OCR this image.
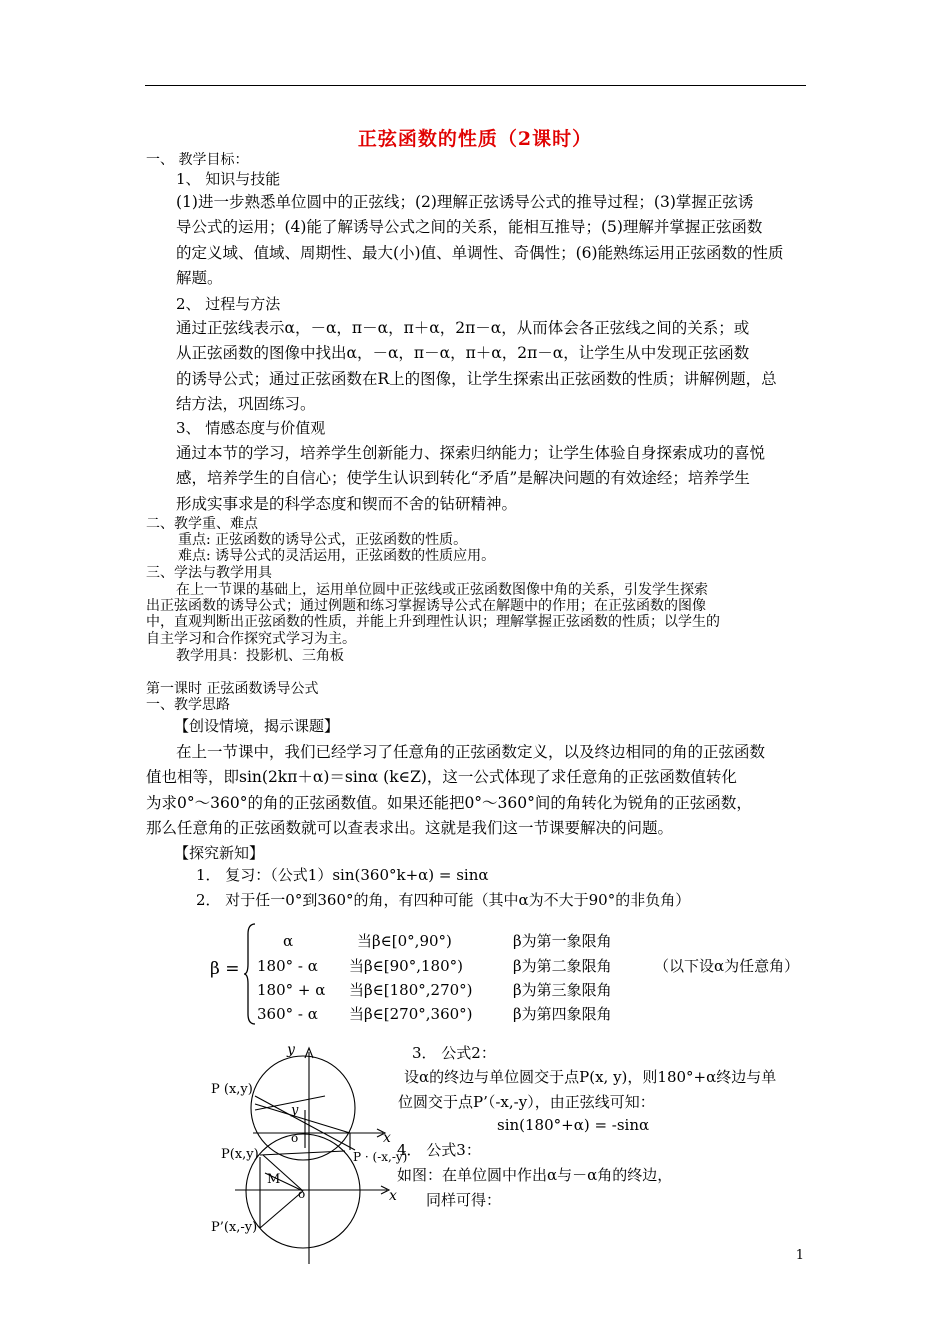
正弦函数的性质（2课时）
一、 教学目标：
1、 知识与技能
(1)进一步熟悉单位圆中的正弦线；(2)理解正弦诱导公式的推导过程；(3)掌握正弦诱
导公式的运用；(4)能了解诱导公式之间的关系，能相互推导；(5)理解并掌握正弦函数
的定义域、值域、周期性、最大(小)值、单调性、奇偶性；(6)能熟练运用正弦函数的性质
解题。
2、 过程与方法
通过正弦线表示α，－α，π－α，π＋α，2π－α，从而体会各正弦线之间的关系；或
从正弦函数的图像中找出α，－α，π－α，π＋α，2π－α，让学生从中发现正弦函数
的诱导公式；通过正弦函数在R上的图像，让学生探索出正弦函数的性质；讲解例题，总
结方法，巩固练习。
3、 情感态度与价值观
通过本节的学习，培养学生创新能力、探索归纳能力；让学生体验自身探索成功的喜悦
感，培养学生的自信心；使学生认识到转化“矛盾”是解决问题的有效途经；培养学生
形成实事求是的科学态度和锲而不舍的钻研精神。
二、教学重、难点
重点: 正弦函数的诱导公式，正弦函数的性质。
难点: 诱导公式的灵活运用，正弦函数的性质应用。
三、学法与教学用具
在上一节课的基础上，运用单位圆中正弦线或正弦函数图像中角的关系，引发学生探索
出正弦函数的诱导公式；通过例题和练习掌握诱导公式在解题中的作用；在正弦函数的图像
中，直观判断出正弦函数的性质，并能上升到理性认识；理解掌握正弦函数的性质；以学生的
自主学习和合作探究式学习为主。
教学用具：投影机、三角板
第一课时 正弦函数诱导公式
一、教学思路
【创设情境，揭示课题】
在上一节课中，我们已经学习了任意角的正弦函数定义，以及终边相同的角的正弦函数
值也相等，即sin(2kπ＋α)＝sinα (k∈Z)，这一公式体现了求任意角的正弦函数值转化
为求0°～360°的角的正弦函数值。如果还能把0°～360°间的角转化为锐角的正弦函数，
那么任意角的正弦函数就可以查表求出。这就是我们这一节课要解决的问题。
【探究新知】
1． 复习：（公式1）sin(360°k+α) = sinα
2． 对于任一0°到360°的角，有四种可能（其中α为不大于90°的非负角）
β =
α	当β∈[0°,90°)	β为第一象限角
180° - α 当β∈[90°,180°)	β为第二象限角	（以下设α为任意角）
180° + α 当β∈[180°,270°)	β为第三象限角
360° - α 当β∈[270°,360°)	β为第四象限角
y
y
x
x
o
o
M
P (x,y)
P(x,y)	P · (-x,-y)
P’(x,-y)
3． 公式2：
设α的终边与单位圆交于点P(x, y)，则180°+α终边与单
位圆交于点P’（-x,-y），由正弦线可知：
sin(180°+α) = -sinα
4． 公式3：
如图：在单位圆中作出α与－α角的终边，
同样可得：
1
